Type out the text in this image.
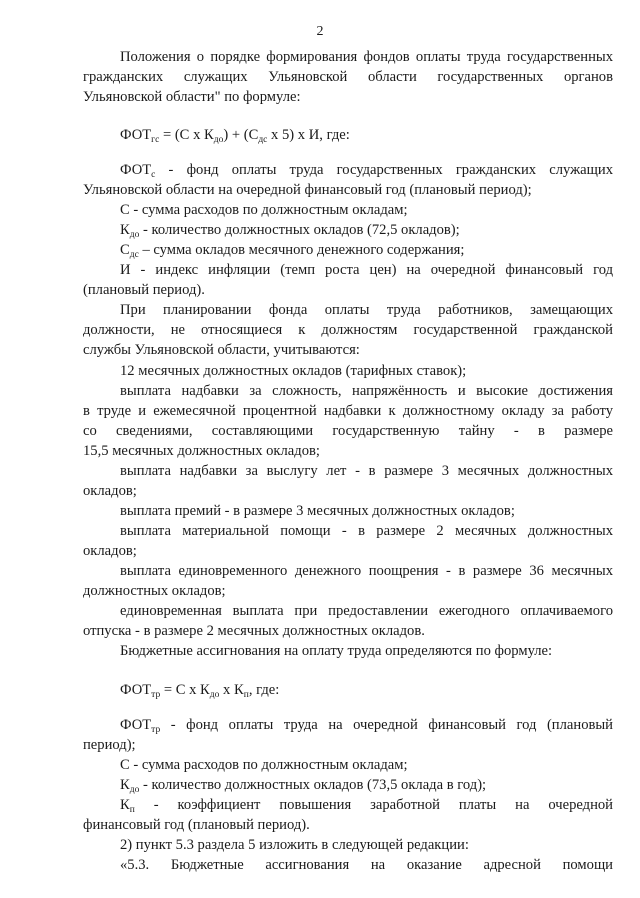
2
Положения о порядке формирования фондов оплаты труда государственных
гражданских служащих Ульяновской области государственных органов
Ульяновской области" по формуле:
$ФОТ_{гс} = (С$ х $К_{до}) + (С_{дс}$ х 5) х И, где:
$ФОТ_с$ - фонд оплаты труда государственных гражданских служащих
Ульяновской области на очередной финансовый год (плановый период);
С - сумма расходов по должностным окладам;
$К_{до}$ - количество должностных окладов (72,5 окладов);
$С_{дс}$ – сумма окладов месячного денежного содержания;
И - индекс инфляции (темп роста цен) на очередной финансовый год
(плановый период).
При планировании фонда оплаты труда работников, замещающих
должности, не относящиеся к должностям государственной гражданской
службы Ульяновской области, учитываются:
12 месячных должностных окладов (тарифных ставок);
выплата надбавки за сложность, напряжённость и высокие достижения
в труде и ежемесячной процентной надбавки к должностному окладу за работу
со сведениями, составляющими государственную тайну - в размере
15,5 месячных должностных окладов;
выплата надбавки за выслугу лет - в размере 3 месячных должностных
окладов;
выплата премий - в размере 3 месячных должностных окладов;
выплата материальной помощи - в размере 2 месячных должностных
окладов;
выплата единовременного денежного поощрения - в размере 36 месячных
должностных окладов;
единовременная выплата при предоставлении ежегодного оплачиваемого
отпуска - в размере 2 месячных должностных окладов.
Бюджетные ассигнования на оплату труда определяются по формуле:
$ФОТ_{тр} = С$ х $К_{до}$ х $К_п$, где:
$ФОТ_{тр}$ - фонд оплаты труда на очередной финансовый год (плановый
период);
С - сумма расходов по должностным окладам;
$К_{до}$ - количество должностных окладов (73,5 оклада в год);
$К_п$ - коэффициент повышения заработной платы на очередной
финансовый год (плановый период).
2) пункт 5.3 раздела 5 изложить в следующей редакции:
«5.3. Бюджетные ассигнования на оказание адресной помощи
